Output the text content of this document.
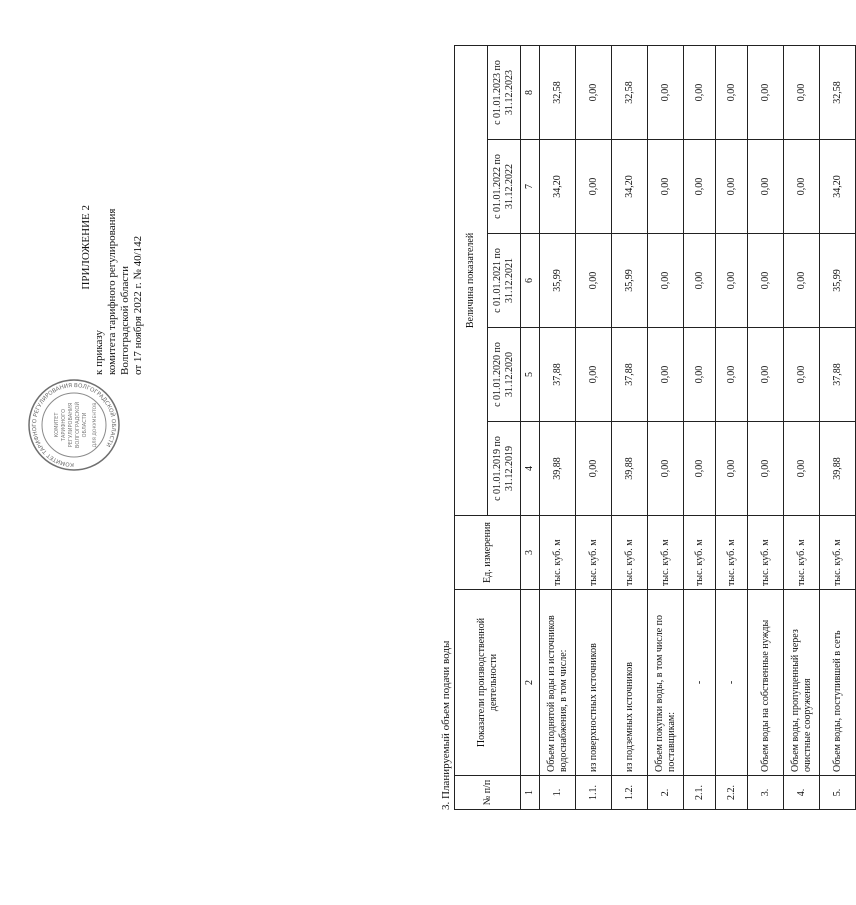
КОМИТЕТ ТАРИФНОГО РЕГУЛИРОВАНИЯ ВОЛГОГРАДСКОЙ ОБЛАСТИ
КОМИТЕТ ТАРИФНОГО РЕГУЛИРОВАНИЯ ВОЛГОГРАДСКОЙ ОБЛАСТИ ДЛЯ ДОКУМЕНТОВ
ПРИЛОЖЕНИЕ 2
к приказу комитета тарифного регулирования Волгоградской области от 17 ноября 2022 г. № 40/142
3. Планируемый объем подачи воды	№ п/п	Показатели производственной деятельности	Ед. измерения	Величина показателей				
			с 01.01.2019 по 31.12.2019	с 01.01.2020 по 31.12.2020	с 01.01.2021 по 31.12.2021	с 01.01.2022 по 31.12.2022	с 01.01.2023 по 31.12.2023
1	2	3	4	5	6	7	8
1.	Объем поднятой воды из источников водоснабжения, в том числе:	тыс. куб. м	39,88	37,88	35,99	34,20	32,58
1.1.	из поверхностных источников	тыс. куб. м	0,00	0,00	0,00	0,00	0,00
1.2.	из подземных источников	тыс. куб. м	39,88	37,88	35,99	34,20	32,58
2.	Объем покупки воды, в том числе по поставщикам:	тыс. куб. м	0,00	0,00	0,00	0,00	0,00
2.1.	-	тыс. куб. м	0,00	0,00	0,00	0,00	0,00
2.2.	-	тыс. куб. м	0,00	0,00	0,00	0,00	0,00
3.	Объем воды на собственные нужды	тыс. куб. м	0,00	0,00	0,00	0,00	0,00
4.	Объем воды, пропущенный через очистные сооружения	тыс. куб. м	0,00	0,00	0,00	0,00	0,00
5.	Объем воды, поступившей в сеть	тыс. куб. м	39,88	37,88	35,99	34,20	32,58
